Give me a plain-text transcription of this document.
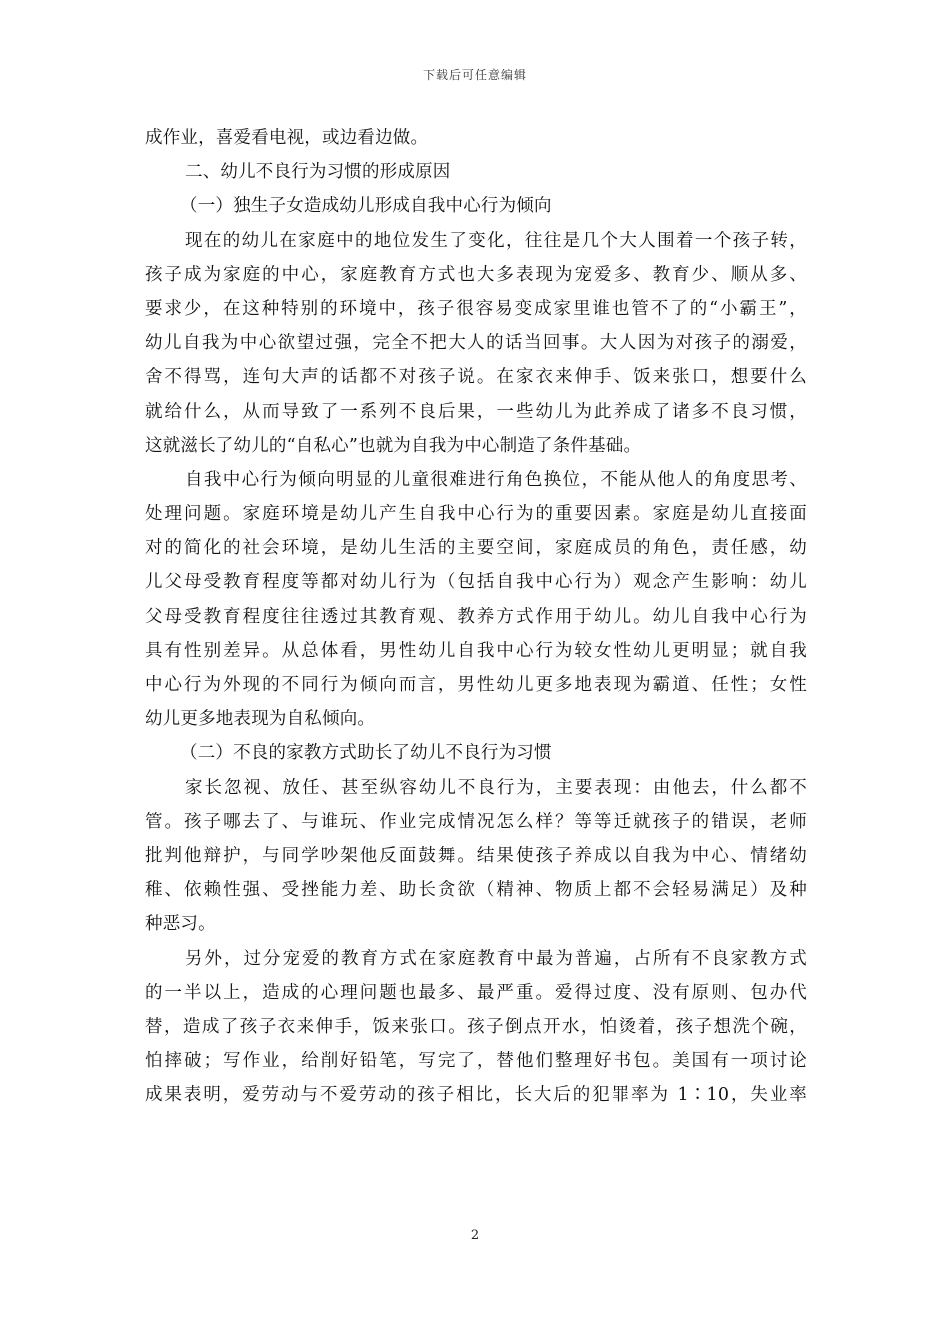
下载后可任意编辑
成作业，喜爱看电视，或边看边做。
二、幼儿不良行为习惯的形成原因
（一）独生子女造成幼儿形成自我中心行为倾向
现在的幼儿在家庭中的地位发生了变化，往往是几个大人围着一个孩子转，
孩子成为家庭的中心，家庭教育方式也大多表现为宠爱多、教育少、顺从多、
要求少，在这种特别的环境中，孩子很容易变成家里谁也管不了的“小霸王”，
幼儿自我为中心欲望过强，完全不把大人的话当回事。大人因为对孩子的溺爱，
舍不得骂，连句大声的话都不对孩子说。在家衣来伸手、饭来张口，想要什么
就给什么，从而导致了一系列不良后果，一些幼儿为此养成了诸多不良习惯，
这就滋长了幼儿的“自私心”也就为自我为中心制造了条件基础。
自我中心行为倾向明显的儿童很难进行角色换位，不能从他人的角度思考、
处理问题。家庭环境是幼儿产生自我中心行为的重要因素。家庭是幼儿直接面
对的简化的社会环境，是幼儿生活的主要空间，家庭成员的角色，责任感，幼
儿父母受教育程度等都对幼儿行为（包括自我中心行为）观念产生影响：幼儿
父母受教育程度往往透过其教育观、教养方式作用于幼儿。幼儿自我中心行为
具有性别差异。从总体看，男性幼儿自我中心行为较女性幼儿更明显；就自我
中心行为外现的不同行为倾向而言，男性幼儿更多地表现为霸道、任性；女性
幼儿更多地表现为自私倾向。
（二）不良的家教方式助长了幼儿不良行为习惯
家长忽视、放任、甚至纵容幼儿不良行为，主要表现：由他去，什么都不
管。孩子哪去了、与谁玩、作业完成情况怎么样？等等迁就孩子的错误，老师
批判他辩护，与同学吵架他反面鼓舞。结果使孩子养成以自我为中心、情绪幼
稚、依赖性强、受挫能力差、助长贪欲（精神、物质上都不会轻易满足）及种
种恶习。
另外，过分宠爱的教育方式在家庭教育中最为普遍，占所有不良家教方式
的一半以上，造成的心理问题也最多、最严重。爱得过度、没有原则、包办代
替，造成了孩子衣来伸手，饭来张口。孩子倒点开水，怕烫着，孩子想洗个碗，
怕摔破；写作业，给削好铅笔，写完了，替他们整理好书包。美国有一项讨论
成果表明，爱劳动与不爱劳动的孩子相比，长大后的犯罪率为 1∶10，失业率
2
